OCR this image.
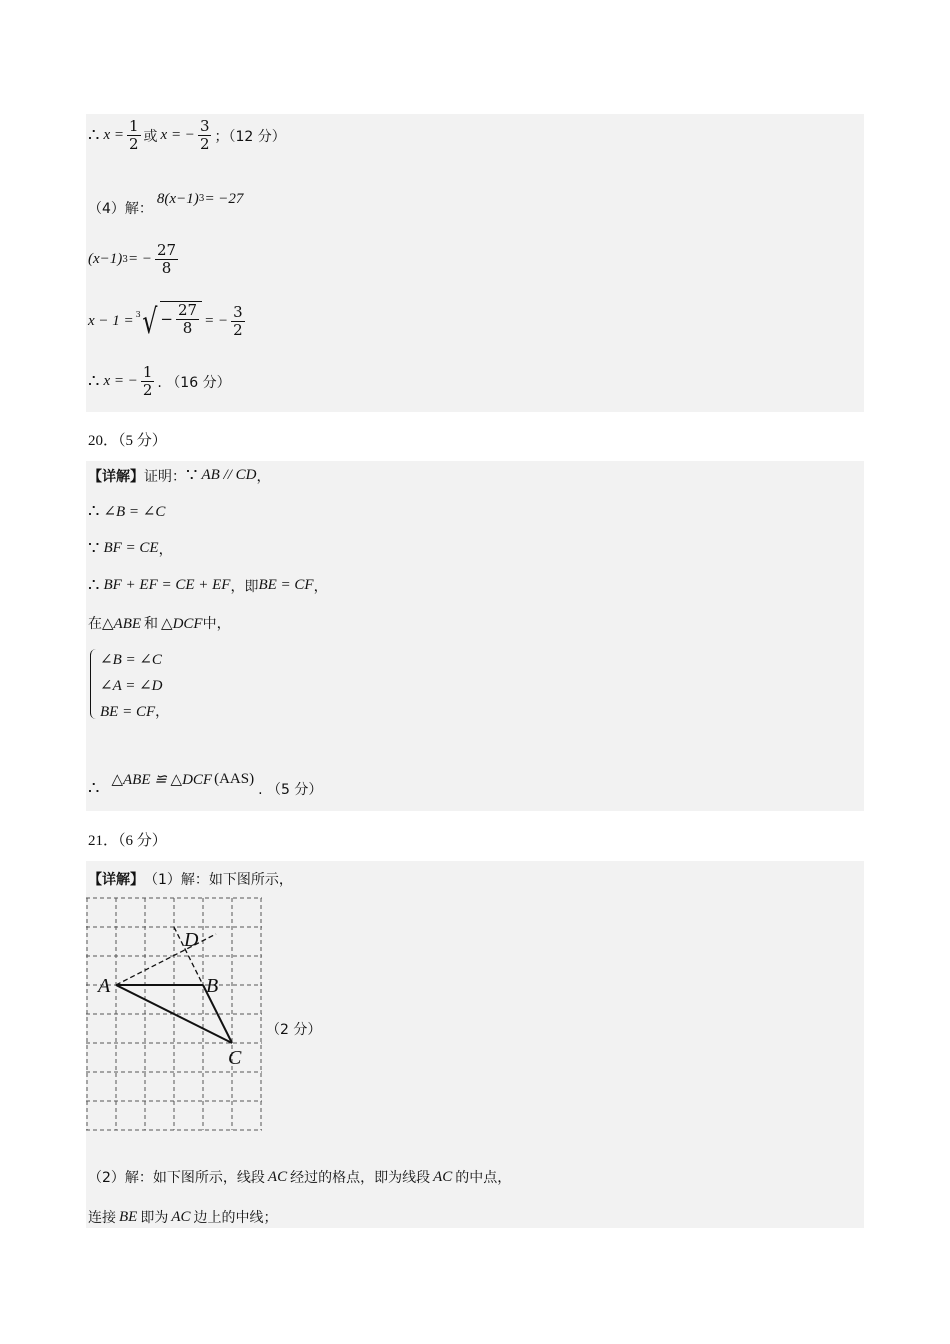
∴ $x = \frac{1}{2}$ 或 x = − $\frac{3}{2}$ ；（12 分）
（4）解：
8(x−1) 3 = −27
(x−1) 3 = − $\frac{27}{8}$
x − 1 = 3 √ − $\frac{27}{8}$ = − $\frac{3}{2}$
∴ x = − $\frac{1}{2}$ . （16 分）
20．（5 分）
【详解】 证明： ∵ AB // CD ，
∴ ∠B = ∠C
∵ BF = CE ，
∴ BF + EF = CE + EF ，即 BE = CF ，
在 △ABE 和 △DCF 中，
∠B = ∠C
∠A = ∠D
BE = CF，
∴ △ABE ≌ △DCF (AAS)
. （5 分）
21．（6 分）
【详解】 （1）解：如下图所示，
A	B
C
D
（2 分）
（2）解：如下图所示，线段 AC 经过的格点，即为线段 AC 的中点，
连接 BE 即为 AC 边上的中线；
